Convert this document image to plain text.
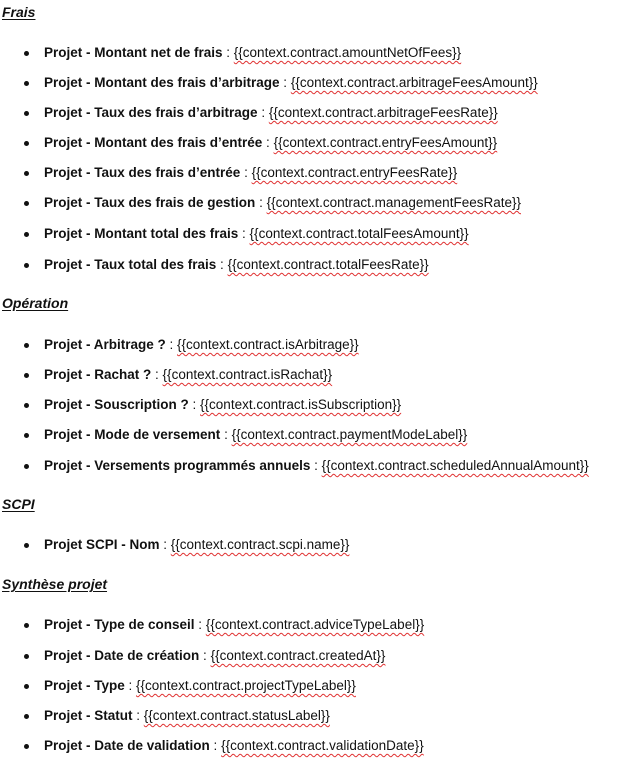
Frais
Projet - Montant net de frais : {{context.contract.amountNetOfFees}}
Projet - Montant des frais d’arbitrage : {{context.contract.arbitrageFeesAmount}}
Projet - Taux des frais d’arbitrage : {{context.contract.arbitrageFeesRate}}
Projet - Montant des frais d’entrée : {{context.contract.entryFeesAmount}}
Projet - Taux des frais d’entrée : {{context.contract.entryFeesRate}}
Projet - Taux des frais de gestion : {{context.contract.managementFeesRate}}
Projet - Montant total des frais : {{context.contract.totalFeesAmount}}
Projet - Taux total des frais : {{context.contract.totalFeesRate}}
Opération
Projet - Arbitrage ? : {{context.contract.isArbitrage}}
Projet - Rachat ? : {{context.contract.isRachat}}
Projet - Souscription ? : {{context.contract.isSubscription}}
Projet - Mode de versement : {{context.contract.paymentModeLabel}}
Projet - Versements programmés annuels : {{context.contract.scheduledAnnualAmount}}
SCPI
Projet SCPI - Nom : {{context.contract.scpi.name}}
Synthèse projet
Projet - Type de conseil : {{context.contract.adviceTypeLabel}}
Projet - Date de création : {{context.contract.createdAt}}
Projet - Type : {{context.contract.projectTypeLabel}}
Projet - Statut : {{context.contract.statusLabel}}
Projet - Date de validation : {{context.contract.validationDate}}
